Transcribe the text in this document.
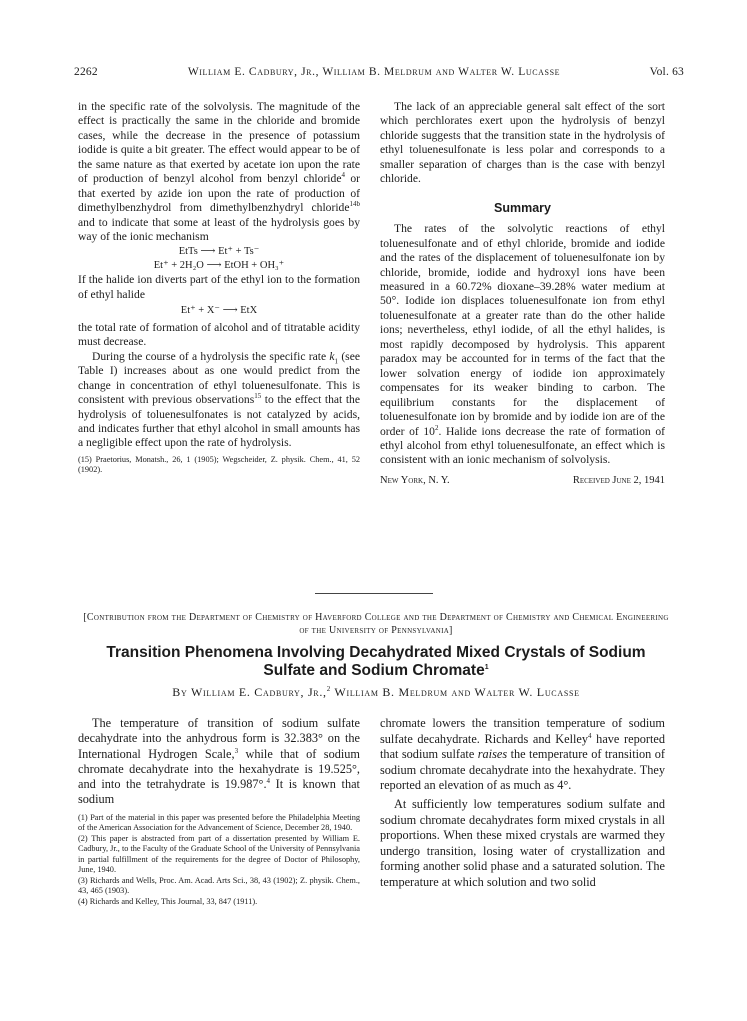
2262	William E. Cadbury, Jr., William B. Meldrum and Walter W. Lucasse	Vol. 63

in the specific rate of the solvolysis. The magnitude of the effect is practically the same in the chloride and bromide cases, while the decrease in the presence of potassium iodide is quite a bit greater. The effect would appear to be of the same nature as that exerted by acetate ion upon the rate of production of benzyl alcohol from benzyl chloride$^4$ or that exerted by azide ion upon the rate of production of dimethylbenzhydrol from dimethylbenzhydryl chloride$^{14b}$ and to indicate that some at least of the hydrolysis goes by way of the ionic mechanism

EtTs ⟶ Et⁺ + Ts⁻

Et⁺ + 2H₂O ⟶ EtOH + OH₃⁺

If the halide ion diverts part of the ethyl ion to the formation of ethyl halide

Et⁺ + X⁻ ⟶ EtX

the total rate of formation of alcohol and of titratable acidity must decrease.

During the course of a hydrolysis the specific rate $k_1$ (see Table I) increases about as one would predict from the change in concentration of ethyl toluenesulfonate. This is consistent with previous observations$^{15}$ to the effect that the hydrolysis of toluenesulfonates is not catalyzed by acids, and indicates further that ethyl alcohol in small amounts has a negligible effect upon the rate of hydrolysis.

(15) Praetorius, Monatsh., 26, 1 (1905); Wegscheider, Z. physik. Chem., 41, 52 (1902).

The lack of an appreciable general salt effect of the sort which perchlorates exert upon the hydrolysis of benzyl chloride suggests that the transition state in the hydrolysis of ethyl toluenesulfonate is less polar and corresponds to a smaller separation of charges than is the case with benzyl chloride.

Summary

The rates of the solvolytic reactions of ethyl toluenesulfonate and of ethyl chloride, bromide and iodide and the rates of the displacement of toluenesulfonate ion by chloride, bromide, iodide and hydroxyl ions have been measured in a 60.72% dioxane–39.28% water medium at 50°. Iodide ion displaces toluenesulfonate ion from ethyl toluenesulfonate at a greater rate than do the other halide ions; nevertheless, ethyl iodide, of all the ethyl halides, is most rapidly decomposed by hydrolysis. This apparent paradox may be accounted for in terms of the fact that the lower solvation energy of iodide ion approximately compensates for its weaker binding to carbon. The equilibrium constants for the displacement of toluenesulfonate ion by bromide and by iodide ion are of the order of $10^2$. Halide ions decrease the rate of formation of ethyl alcohol from ethyl toluenesulfonate, an effect which is consistent with an ionic mechanism of solvolysis.

New York, N. Y.	Received June 2, 1941
[Contribution from the Department of Chemistry of Haverford College and the Department of Chemistry and Chemical Engineering of the University of Pennsylvania]
Transition Phenomena Involving Decahydrated Mixed Crystals of Sodium Sulfate and Sodium Chromate$^1$
By William E. Cadbury, Jr.,$^2$ William B. Meldrum and Walter W. Lucasse

The temperature of transition of sodium sulfate decahydrate into the anhydrous form is 32.383° on the International Hydrogen Scale,$^3$ while that of sodium chromate decahydrate into the hexahydrate is 19.525°, and into the tetrahydrate is 19.987°.$^4$ It is known that sodium

(1) Part of the material in this paper was presented before the Philadelphia Meeting of the American Association for the Advancement of Science, December 28, 1940.

(2) This paper is abstracted from part of a dissertation presented by William E. Cadbury, Jr., to the Faculty of the Graduate School of the University of Pennsylvania in partial fulfillment of the requirements for the degree of Doctor of Philosophy, June, 1940.

(3) Richards and Wells, Proc. Am. Acad. Arts Sci., 38, 43 (1902); Z. physik. Chem., 43, 465 (1903).

(4) Richards and Kelley, This Journal, 33, 847 (1911).

chromate lowers the transition temperature of sodium sulfate decahydrate. Richards and Kelley$^4$ have reported that sodium sulfate raises the temperature of transition of sodium chromate decahydrate into the hexahydrate. They reported an elevation of as much as 4°.

At sufficiently low temperatures sodium sulfate and sodium chromate decahydrates form mixed crystals in all proportions. When these mixed crystals are warmed they undergo transition, losing water of crystallization and forming another solid phase and a saturated solution. The temperature at which solution and two solid
